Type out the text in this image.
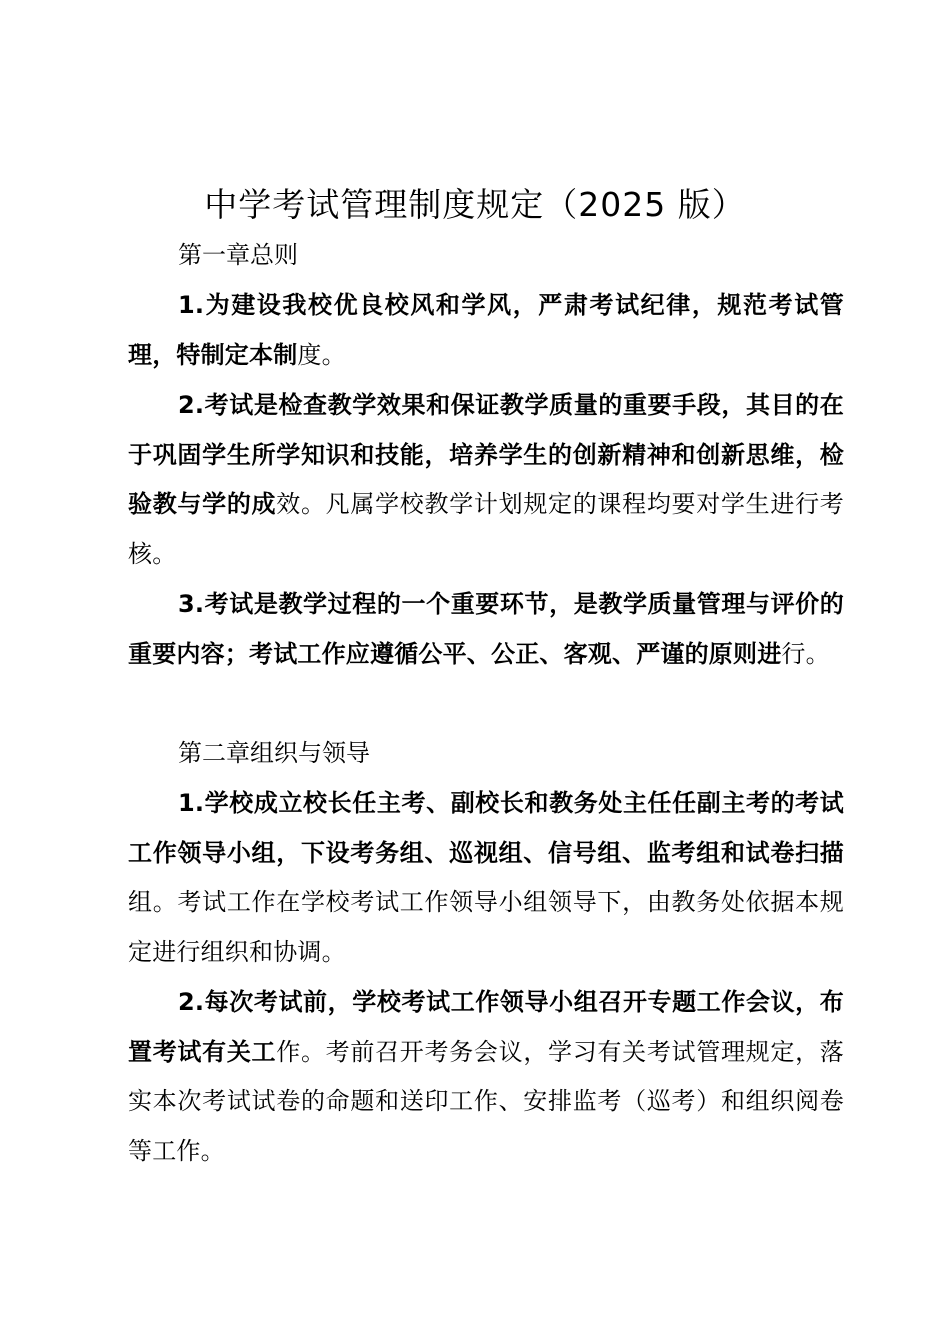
中学考试管理制度规定（2025 版）
第一章总则
1.为建设我校优良校风和学风，严肃考试纪律，规范考试管理，特制定本制度。
2.考试是检查教学效果和保证教学质量的重要手段，其目的在于巩固学生所学知识和技能，培养学生的创新精神和创新思维，检验教与学的成效。凡属学校教学计划规定的课程均要对学生进行考核。
3.考试是教学过程的一个重要环节，是教学质量管理与评价的重要内容；考试工作应遵循公平、公正、客观、严谨的原则进行。
第二章组织与领导
1.学校成立校长任主考、副校长和教务处主任任副主考的考试工作领导小组，下设考务组、巡视组、信号组、监考组和试卷扫描组。考试工作在学校考试工作领导小组领导下，由教务处依据本规定进行组织和协调。
2.每次考试前，学校考试工作领导小组召开专题工作会议，布置考试有关工作。考前召开考务会议，学习有关考试管理规定，落实本次考试试卷的命题和送印工作、安排监考（巡考）和组织阅卷等工作。
